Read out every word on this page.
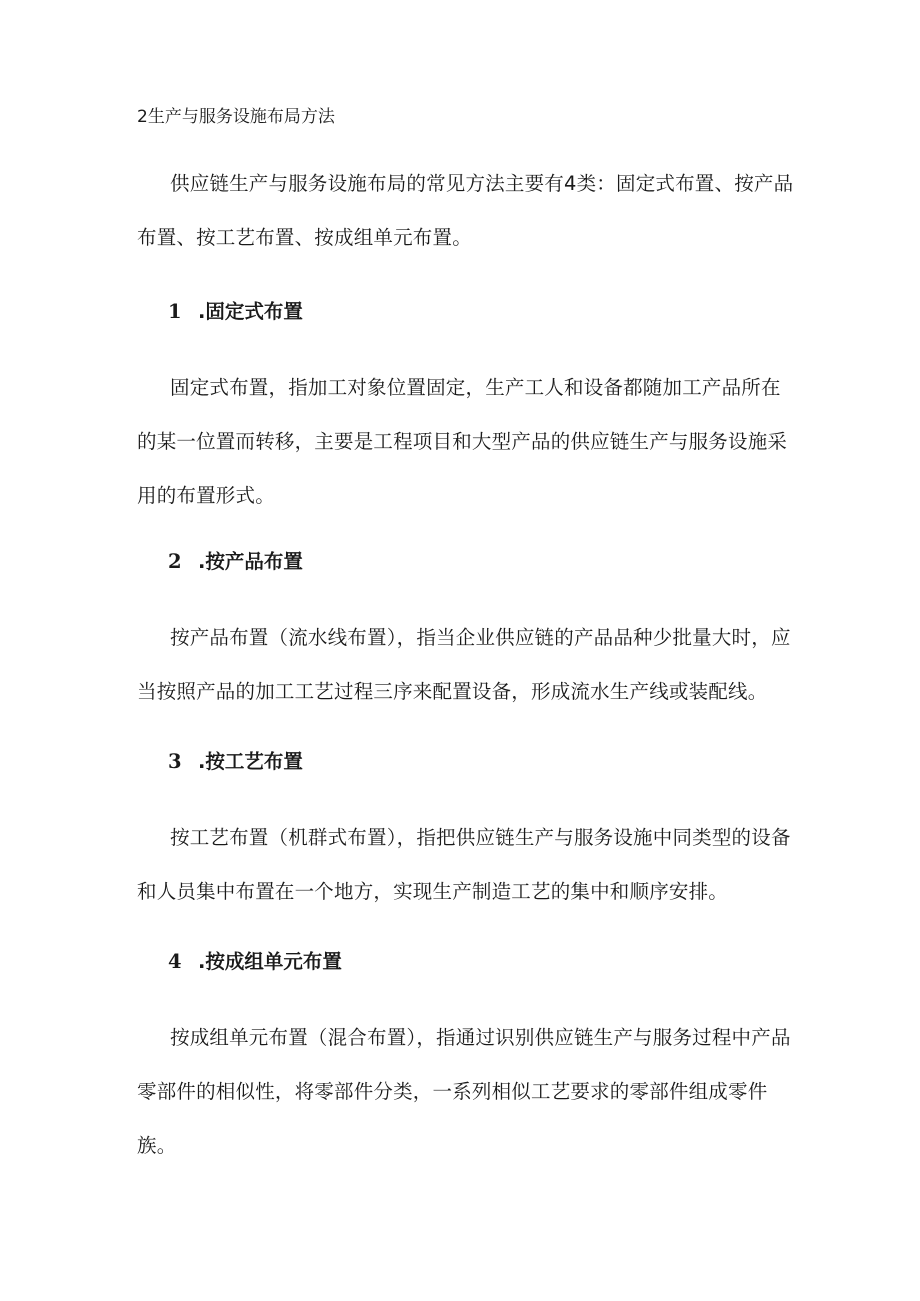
2生产与服务设施布局方法

供应链生产与服务设施布局的常见方法主要有4类：固定式布置、按产品布置、按工艺布置、按成组单元布置。

1 .固定式布置

固定式布置，指加工对象位置固定，生产工人和设备都随加工产品所在的某一位置而转移，主要是工程项目和大型产品的供应链生产与服务设施采用的布置形式。

2 .按产品布置

按产品布置（流水线布置），指当企业供应链的产品品种少批量大时，应当按照产品的加工工艺过程三序来配置设备，形成流水生产线或装配线。

3 .按工艺布置

按工艺布置（机群式布置），指把供应链生产与服务设施中同类型的设备和人员集中布置在一个地方，实现生产制造工艺的集中和顺序安排。

4 .按成组单元布置

按成组单元布置（混合布置），指通过识别供应链生产与服务过程中产品零部件的相似性，将零部件分类，一系列相似工艺要求的零部件组成零件族。
